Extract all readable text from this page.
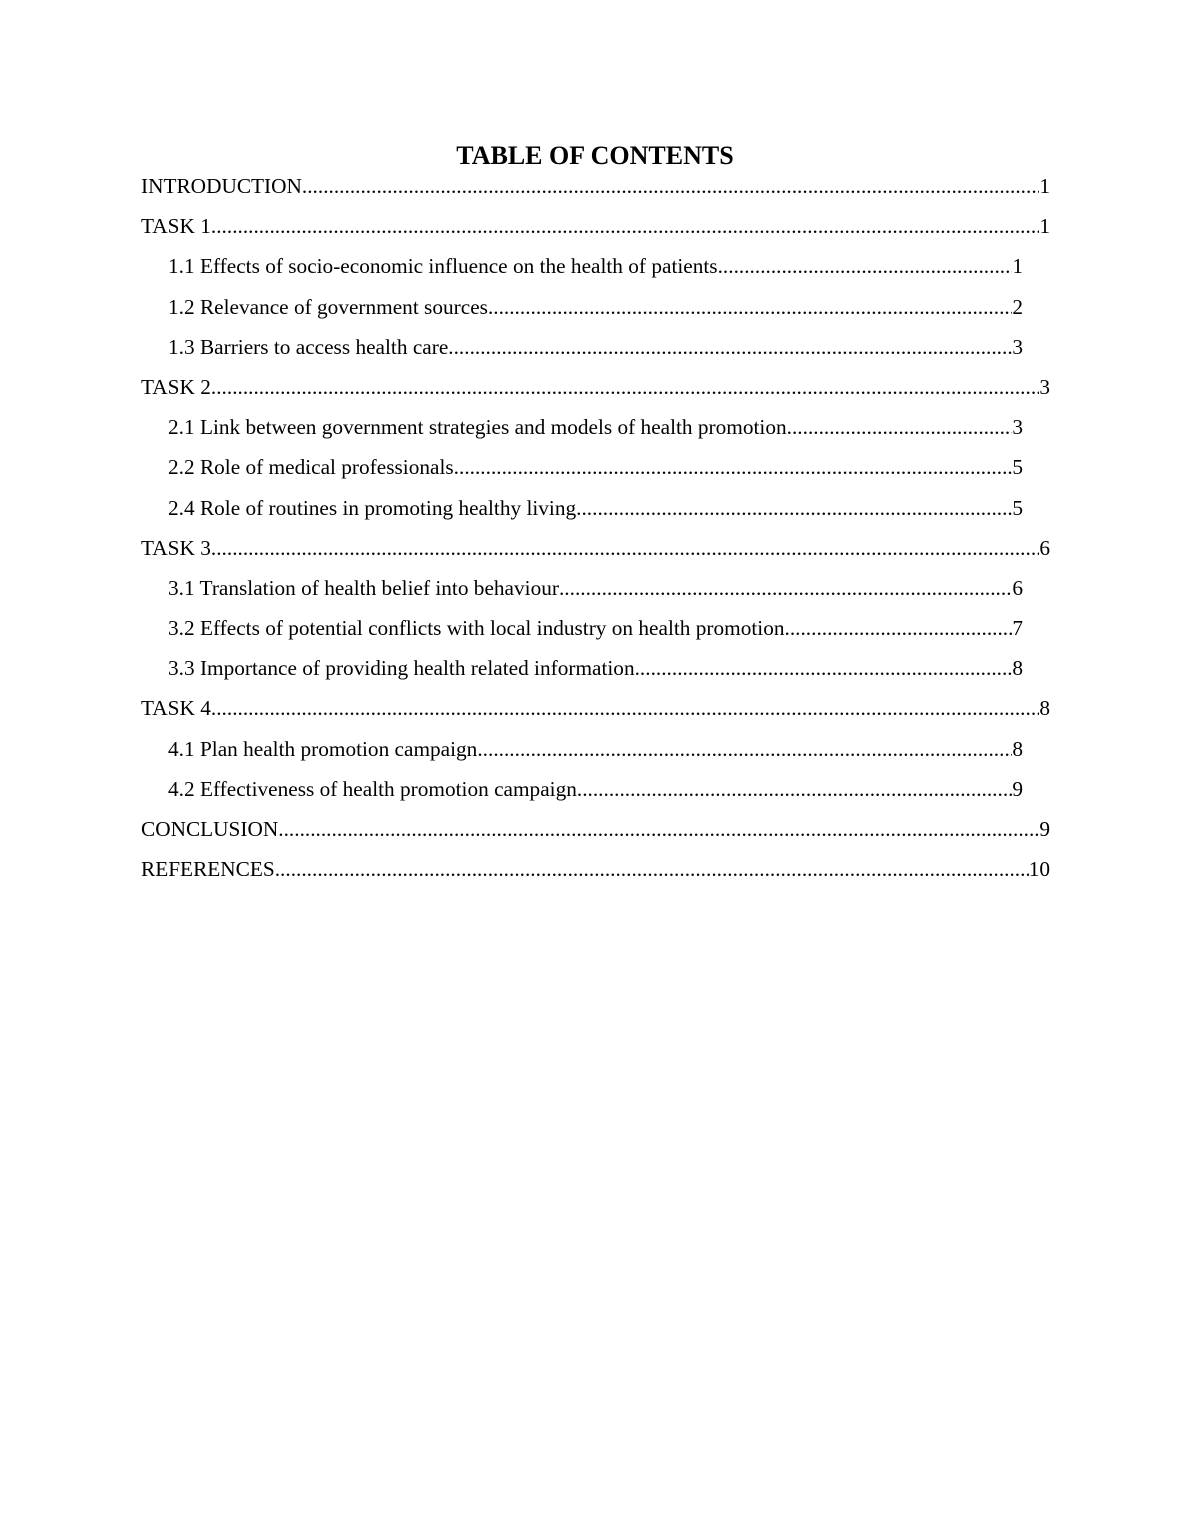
TABLE OF CONTENTS
INTRODUCTION .....	1
TASK 1 .....	1
1.1 Effects of socio-economic influence on the health of patients .....	1
1.2 Relevance of government sources .....	2
1.3 Barriers to access health care .....	3
TASK 2 .....	3
2.1 Link between government strategies and models of health promotion .....	3
2.2 Role of medical professionals .....	5
2.4 Role of routines in promoting healthy living .....	5
TASK 3 .....	6
3.1 Translation of health belief into behaviour .....	6
3.2 Effects of potential conflicts with local industry on health promotion .....	7
3.3 Importance of providing health related information .....	8
TASK 4 .....	8
4.1 Plan health promotion campaign .....	8
4.2 Effectiveness of health promotion campaign .....	9
CONCLUSION .....	9
REFERENCES .....	10
